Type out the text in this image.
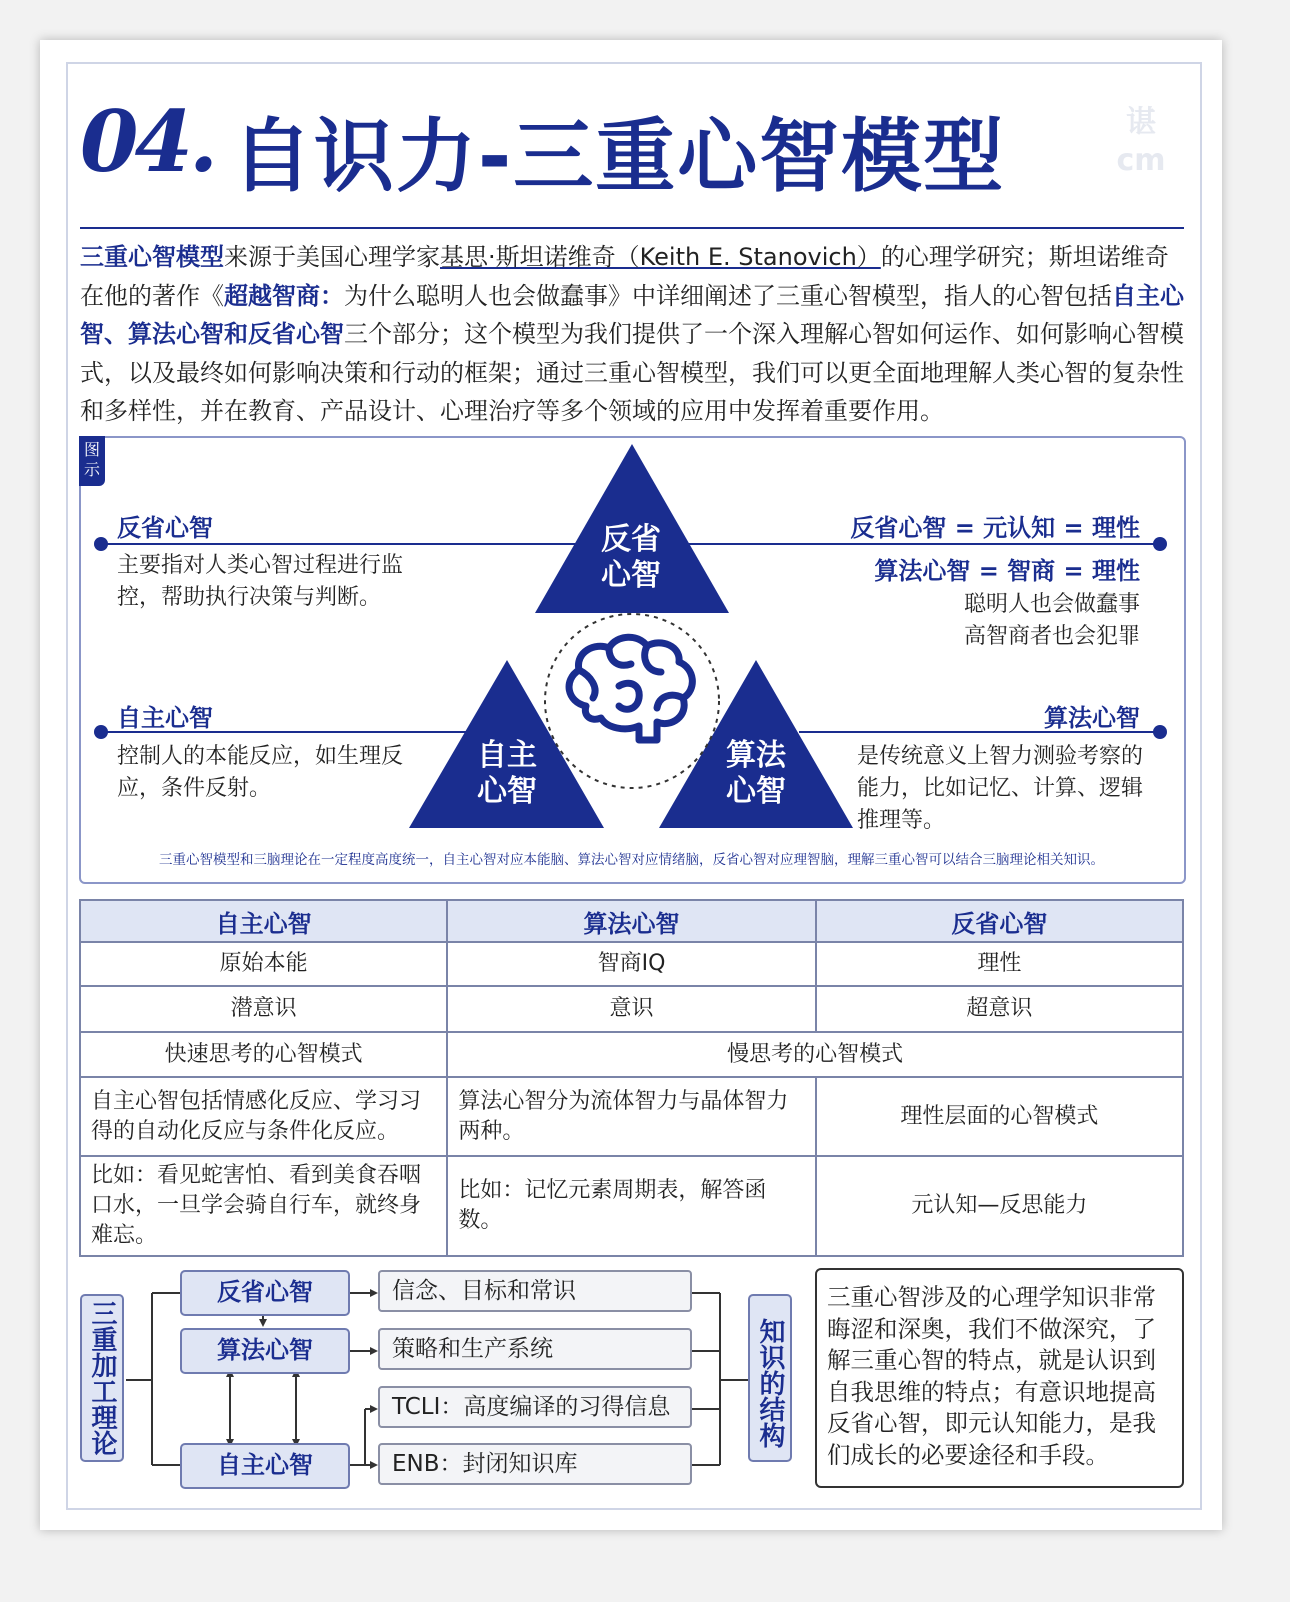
04. 自识力-三重心智模型	谌
cm
三重心智模型来源于美国心理学家基思·斯坦诺维奇（Keith E. Stanovich）的心理学研究；斯坦诺维奇在他的著作《超越智商：为什么聪明人也会做蠢事》中详细阐述了三重心智模型，指人的心智包括自主心智、算法心智和反省心智三个部分；这个模型为我们提供了一个深入理解心智如何运作、如何影响心智模式，以及最终如何影响决策和行动的框架；通过三重心智模型，我们可以更全面地理解人类心智的复杂性和多样性，并在教育、产品设计、心理治疗等多个领域的应用中发挥着重要作用。
图示
反省
心智
自主
心智
算法
心智
反省心智
主要指对人类心智过程进行监控，帮助执行决策与判断。
反省心智 = 元认知 = 理性
算法心智 = 智商 = 理性
聪明人也会做蠢事
高智商者也会犯罪
自主心智
控制人的本能反应，如生理反应，条件反射。
算法心智
是传统意义上智力测验考察的能力，比如记忆、计算、逻辑推理等。
三重心智模型和三脑理论在一定程度高度统一，自主心智对应本能脑、算法心智对应情绪脑，反省心智对应理智脑，理解三重心智可以结合三脑理论相关知识。
自主心智	算法心智	反省心智
原始本能	智商IQ	理性
潜意识	意识	超意识
快速思考的心智模式	慢思考的心智模式	
自主心智包括情感化反应、学习习得的自动化反应与条件化反应。	算法心智分为流体智力与晶体智力两种。	理性层面的心智模式
比如：看见蛇害怕、看到美食吞咽口水，一旦学会骑自行车，就终身难忘。	比如：记忆元素周期表，解答函数。	元认知—反思能力
三重加工理论
反省心智
算法心智
自主心智
信念、目标和常识
策略和生产系统
TCLI：高度编译的习得信息
ENB：封闭知识库
知识的结构
三重心智涉及的心理学知识非常晦涩和深奥，我们不做深究，了解三重心智的特点，就是认识到自我思维的特点；有意识地提高反省心智，即元认知能力，是我们成长的必要途径和手段。
